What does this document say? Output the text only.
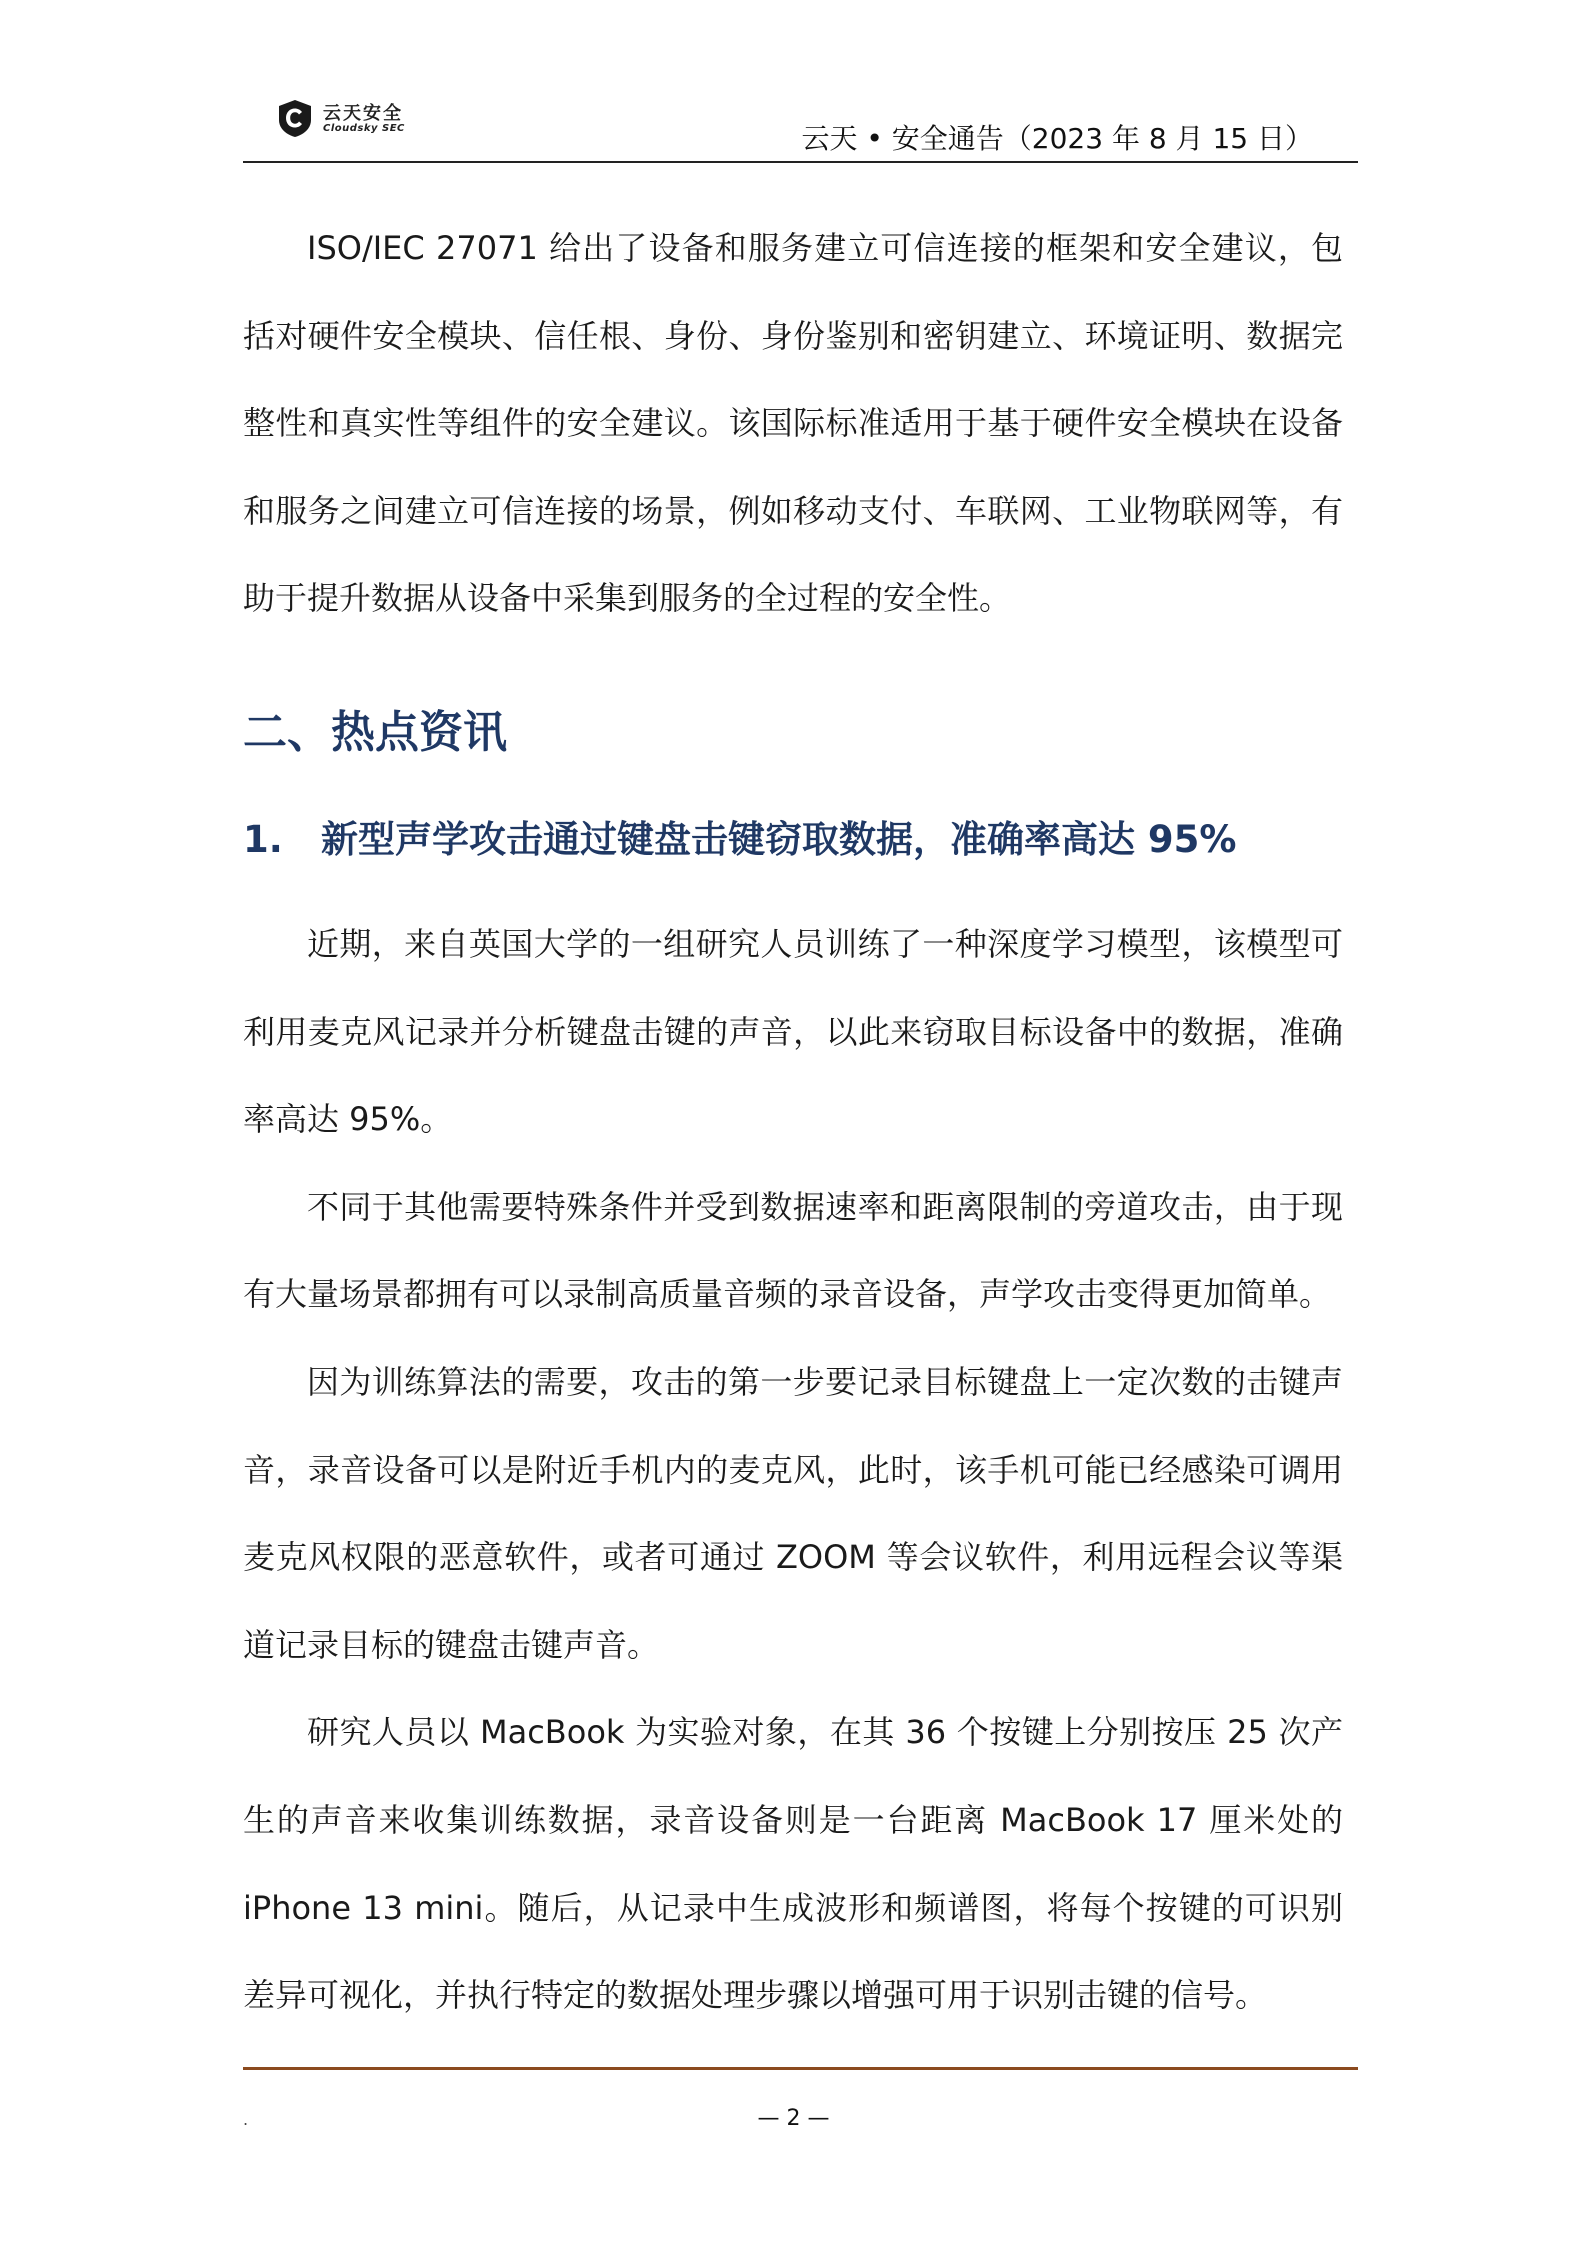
云天安全
Cloudsky SEC	云天 • 安全通告（2023 年 8 月 15 日）

ISO/IEC 27071 给出了设备和服务建立可信连接的框架和安全建议，包括对硬件安全模块、信任根、身份、身份鉴别和密钥建立、环境证明、数据完整性和真实性等组件的安全建议。该国际标准适用于基于硬件安全模块在设备和服务之间建立可信连接的场景，例如移动支付、车联网、工业物联网等，有助于提升数据从设备中采集到服务的全过程的安全性。

二、热点资讯
1. 新型声学攻击通过键盘击键窃取数据，准确率高达 95%

近期，来自英国大学的一组研究人员训练了一种深度学习模型，该模型可利用麦克风记录并分析键盘击键的声音，以此来窃取目标设备中的数据，准确率高达 95%。

不同于其他需要特殊条件并受到数据速率和距离限制的旁道攻击，由于现有大量场景都拥有可以录制高质量音频的录音设备，声学攻击变得更加简单。

因为训练算法的需要，攻击的第一步要记录目标键盘上一定次数的击键声音，录音设备可以是附近手机内的麦克风，此时，该手机可能已经感染可调用麦克风权限的恶意软件，或者可通过 ZOOM 等会议软件，利用远程会议等渠道记录目标的键盘击键声音。

研究人员以 MacBook 为实验对象，在其 36 个按键上分别按压 25 次产生的声音来收集训练数据，录音设备则是一台距离 MacBook 17 厘米处的 iPhone 13 mini。随后，从记录中生成波形和频谱图，将每个按键的可识别差异可视化，并执行特定的数据处理步骤以增强可用于识别击键的信号。

.	— 2 —
